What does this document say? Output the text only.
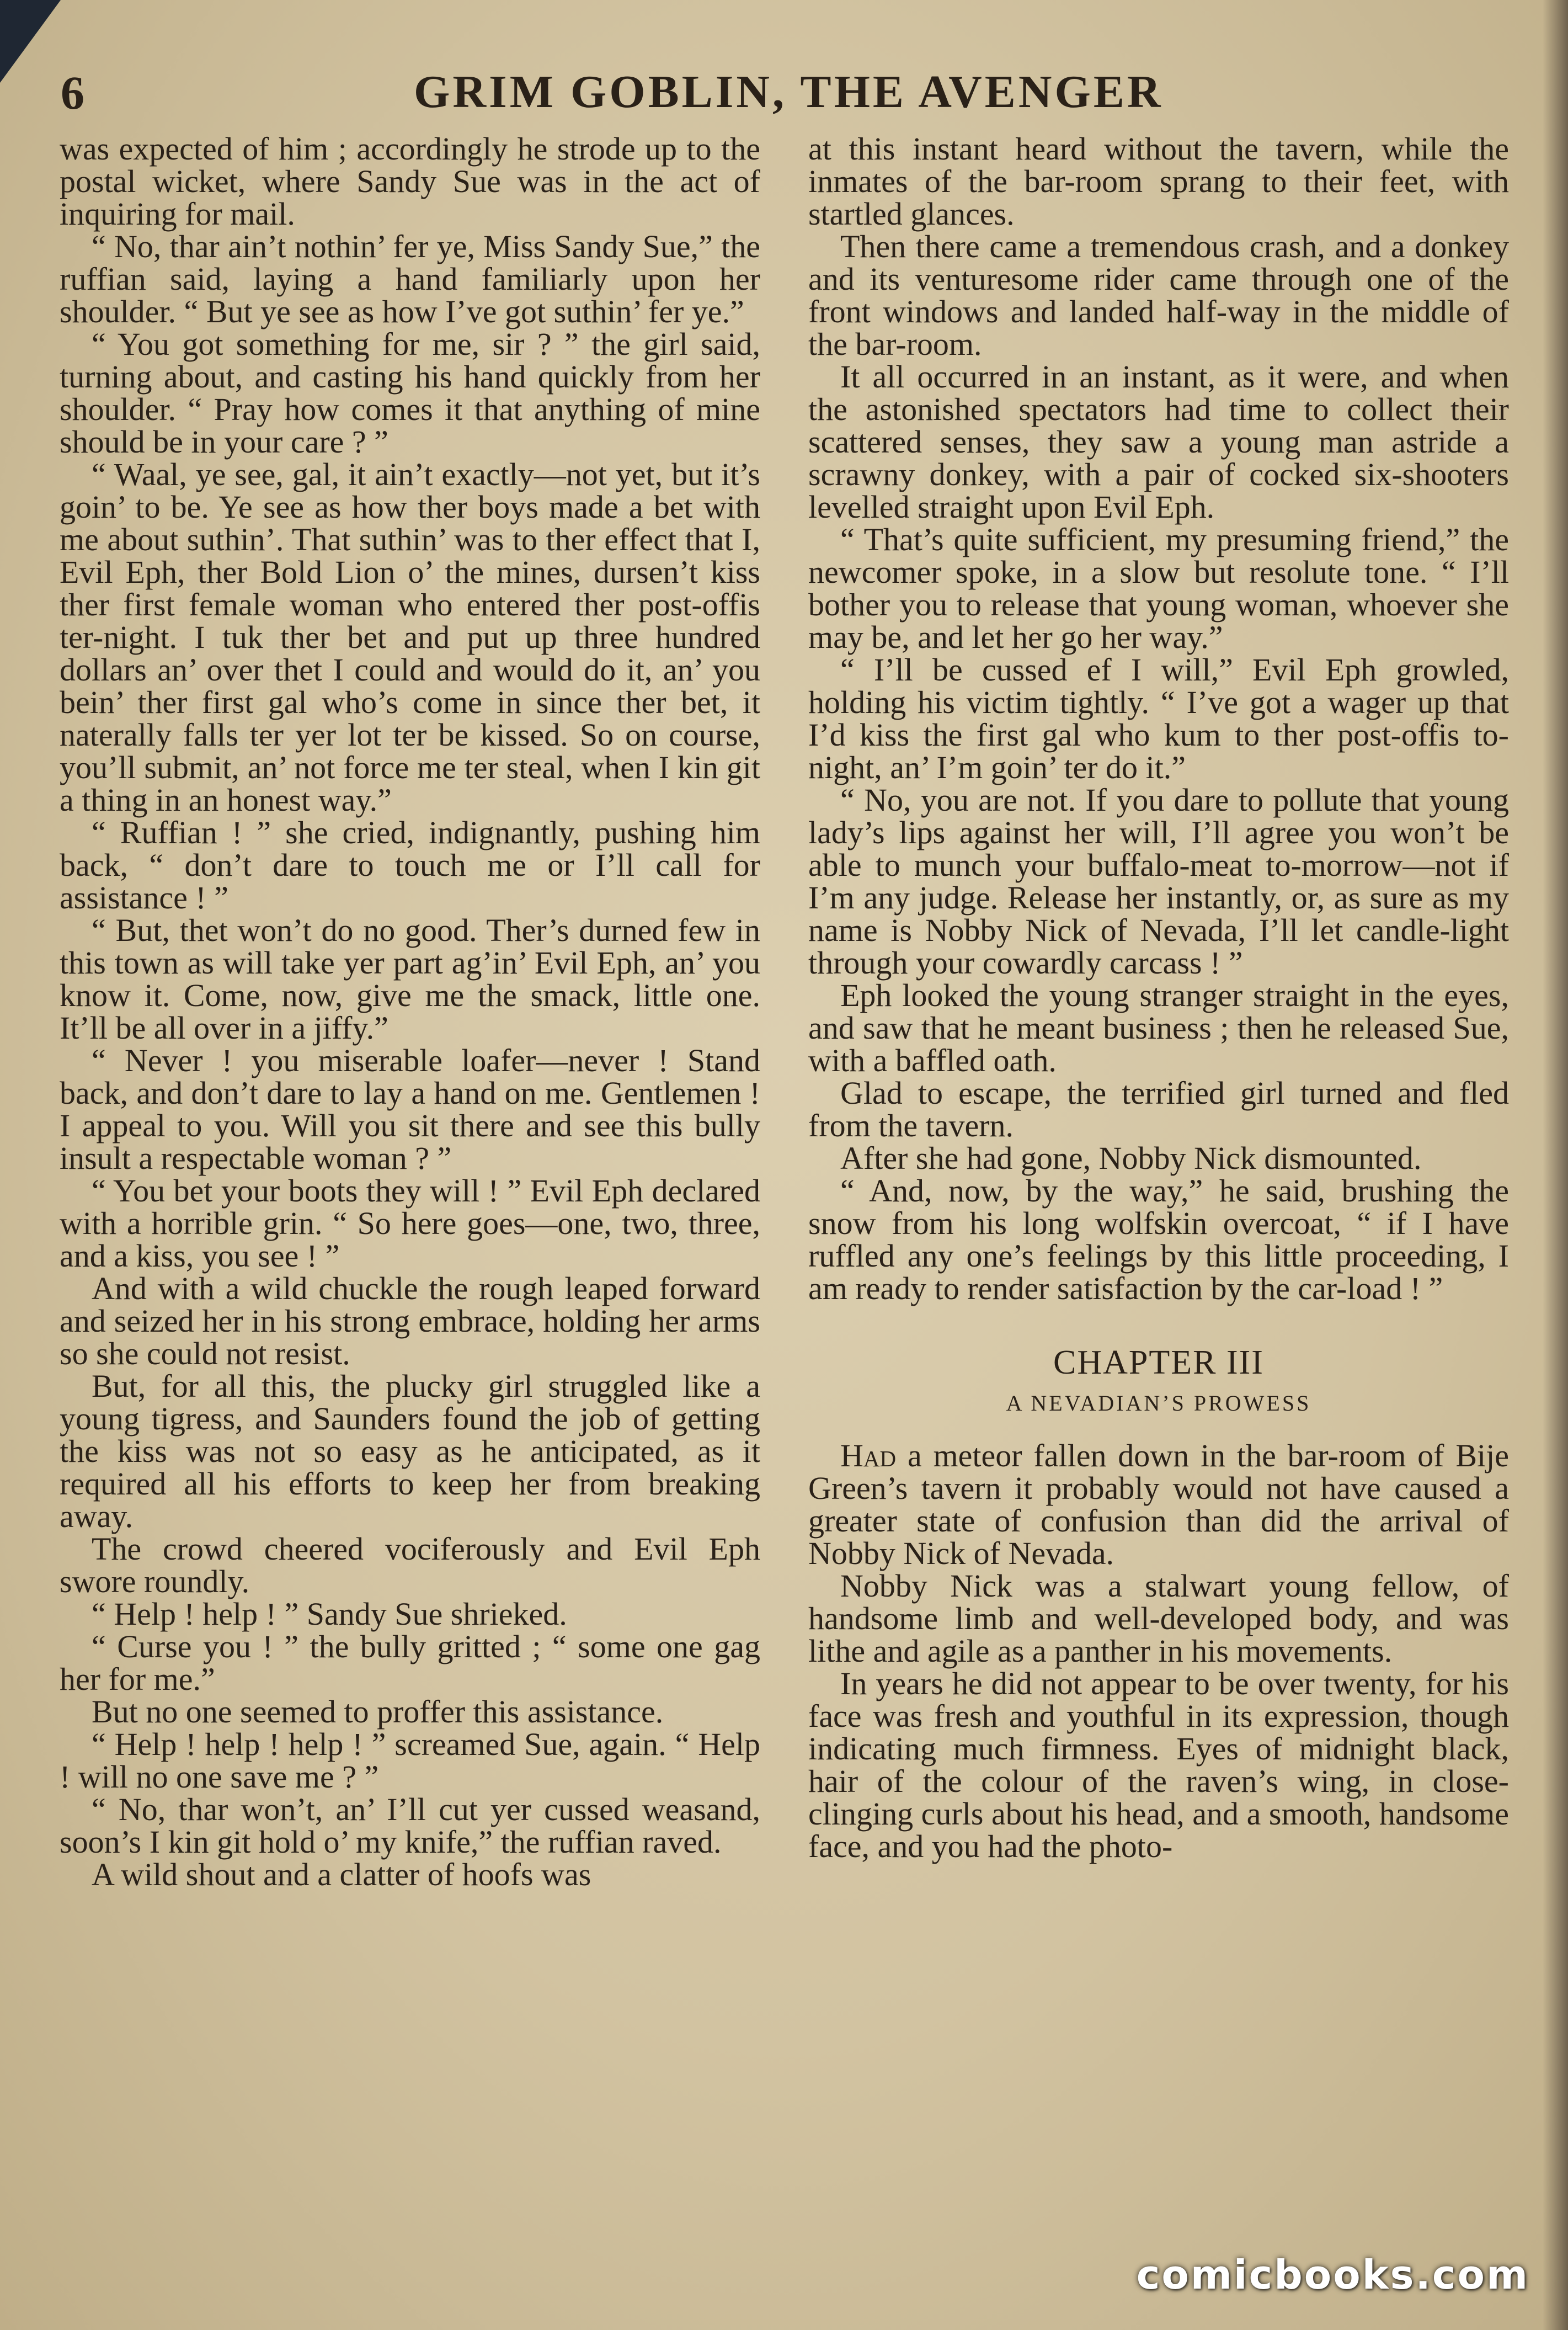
6	GRIM GOBLIN, THE AVENGER

was expected of him ; accordingly he strode up to the postal wicket, where Sandy Sue was in the act of inquiring for mail.

“ No, thar ain’t nothin’ fer ye, Miss Sandy Sue,” the ruffian said, laying a hand familiarly upon her shoulder. “ But ye see as how I’ve got suthin’ fer ye.”

“ You got something for me, sir ? ” the girl said, turning about, and casting his hand quickly from her shoulder. “ Pray how comes it that anything of mine should be in your care ? ”

“ Waal, ye see, gal, it ain’t exactly—not yet, but it’s goin’ to be. Ye see as how ther boys made a bet with me about suthin’. That suthin’ was to ther effect that I, Evil Eph, ther Bold Lion o’ the mines, dursen’t kiss ther first female woman who entered ther post-offis ter-night. I tuk ther bet and put up three hundred dollars an’ over thet I could and would do it, an’ you bein’ ther first gal who’s come in since ther bet, it naterally falls ter yer lot ter be kissed. So on course, you’ll submit, an’ not force me ter steal, when I kin git a thing in an honest way.”

“ Ruffian ! ” she cried, indignantly, pushing him back, “ don’t dare to touch me or I’ll call for assistance ! ”

“ But, thet won’t do no good. Ther’s durned few in this town as will take yer part ag’in’ Evil Eph, an’ you know it. Come, now, give me the smack, little one. It’ll be all over in a jiffy.”

“ Never ! you miserable loafer—never ! Stand back, and don’t dare to lay a hand on me. Gentlemen ! I appeal to you. Will you sit there and see this bully insult a respectable woman ? ”

“ You bet your boots they will ! ” Evil Eph declared with a horrible grin. “ So here goes—one, two, three, and a kiss, you see ! ”

And with a wild chuckle the rough leaped forward and seized her in his strong embrace, holding her arms so she could not resist.

But, for all this, the plucky girl struggled like a young tigress, and Saunders found the job of getting the kiss was not so easy as he anticipated, as it required all his efforts to keep her from breaking away.

The crowd cheered vociferously and Evil Eph swore roundly.

“ Help ! help ! ” Sandy Sue shrieked.

“ Curse you ! ” the bully gritted ; “ some one gag her for me.”

But no one seemed to proffer this assistance.

“ Help ! help ! help ! ” screamed Sue, again. “ Help ! will no one save me ? ”

“ No, thar won’t, an’ I’ll cut yer cussed weasand, soon’s I kin git hold o’ my knife,” the ruffian raved.

A wild shout and a clatter of hoofs was

at this instant heard without the tavern, while the inmates of the bar-room sprang to their feet, with startled glances.

Then there came a tremendous crash, and a donkey and its venturesome rider came through one of the front windows and landed half-way in the middle of the bar-room.

It all occurred in an instant, as it were, and when the astonished spectators had time to collect their scattered senses, they saw a young man astride a scrawny donkey, with a pair of cocked six-shooters levelled straight upon Evil Eph.

“ That’s quite sufficient, my presuming friend,” the newcomer spoke, in a slow but resolute tone. “ I’ll bother you to release that young woman, whoever she may be, and let her go her way.”

“ I’ll be cussed ef I will,” Evil Eph growled, holding his victim tightly. “ I’ve got a wager up that I’d kiss the first gal who kum to ther post-offis to-night, an’ I’m goin’ ter do it.”

“ No, you are not. If you dare to pollute that young lady’s lips against her will, I’ll agree you won’t be able to munch your buffalo-meat to-morrow—not if I’m any judge. Release her instantly, or, as sure as my name is Nobby Nick of Nevada, I’ll let candle-light through your cowardly carcass ! ”

Eph looked the young stranger straight in the eyes, and saw that he meant business ; then he released Sue, with a baffled oath.

Glad to escape, the terrified girl turned and fled from the tavern.

After she had gone, Nobby Nick dismounted.

“ And, now, by the way,” he said, brushing the snow from his long wolfskin overcoat, “ if I have ruffled any one’s feelings by this little proceeding, I am ready to render satisfaction by the car-load ! ”

CHAPTER III
A NEVADIAN’S PROWESS

Had a meteor fallen down in the bar-room of Bije Green’s tavern it probably would not have caused a greater state of confusion than did the arrival of Nobby Nick of Nevada.

Nobby Nick was a stalwart young fellow, of handsome limb and well-developed body, and was lithe and agile as a panther in his movements.

In years he did not appear to be over twenty, for his face was fresh and youthful in its expression, though indicating much firmness. Eyes of midnight black, hair of the colour of the raven’s wing, in close-clinging curls about his head, and a smooth, handsome face, and you had the photo-

comicbooks.com
